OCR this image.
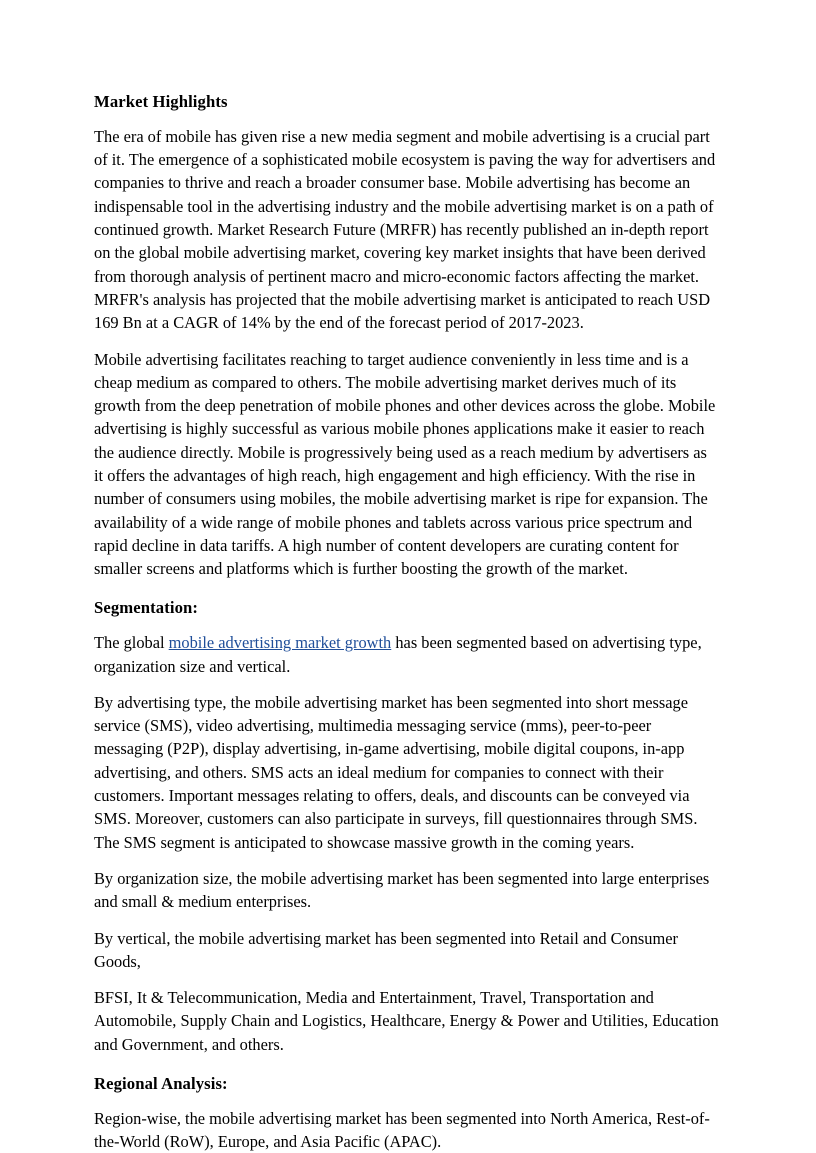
Market Highlights

The era of mobile has given rise a new media segment and mobile advertising is a crucial part of it. The emergence of a sophisticated mobile ecosystem is paving the way for advertisers and companies to thrive and reach a broader consumer base. Mobile advertising has become an indispensable tool in the advertising industry and the mobile advertising market is on a path of continued growth. Market Research Future (MRFR) has recently published an in-depth report on the global mobile advertising market, covering key market insights that have been derived from thorough analysis of pertinent macro and micro-economic factors affecting the market. MRFR's analysis has projected that the mobile advertising market is anticipated to reach USD 169 Bn at a CAGR of 14% by the end of the forecast period of 2017-2023.

Mobile advertising facilitates reaching to target audience conveniently in less time and is a cheap medium as compared to others. The mobile advertising market derives much of its growth from the deep penetration of mobile phones and other devices across the globe. Mobile advertising is highly successful as various mobile phones applications make it easier to reach the audience directly. Mobile is progressively being used as a reach medium by advertisers as it offers the advantages of high reach, high engagement and high efficiency. With the rise in number of consumers using mobiles, the mobile advertising market is ripe for expansion. The availability of a wide range of mobile phones and tablets across various price spectrum and rapid decline in data tariffs. A high number of content developers are curating content for smaller screens and platforms which is further boosting the growth of the market.

Segmentation:

The global mobile advertising market growth has been segmented based on advertising type, organization size and vertical.

By advertising type, the mobile advertising market has been segmented into short message service (SMS), video advertising, multimedia messaging service (mms), peer-to-peer messaging (P2P), display advertising, in-game advertising, mobile digital coupons, in-app advertising, and others. SMS acts an ideal medium for companies to connect with their customers. Important messages relating to offers, deals, and discounts can be conveyed via SMS. Moreover, customers can also participate in surveys, fill questionnaires through SMS. The SMS segment is anticipated to showcase massive growth in the coming years.

By organization size, the mobile advertising market has been segmented into large enterprises and small & medium enterprises.

By vertical, the mobile advertising market has been segmented into Retail and Consumer Goods,

BFSI, It & Telecommunication, Media and Entertainment, Travel, Transportation and Automobile, Supply Chain and Logistics, Healthcare, Energy & Power and Utilities, Education and Government, and others.

Regional Analysis:

Region-wise, the mobile advertising market has been segmented into North America, Rest-of-the-World (RoW), Europe, and Asia Pacific (APAC).
